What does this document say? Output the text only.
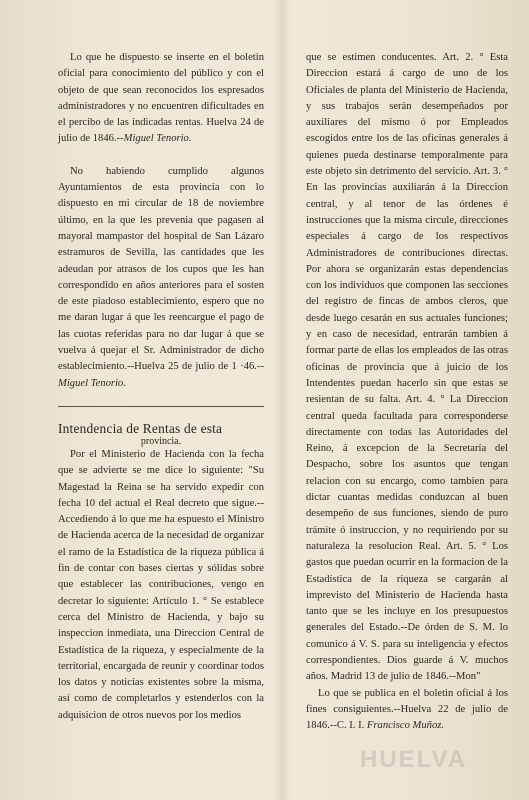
Lo que he dispuesto se inserte en el boletin oficial para conocimiento del público y con el objeto de que sean reconocidos los espresados administradores y no encuentren dificultades en el percibo de las indicadas rentas. Huelva 24 de julio de 1846.--Miguel Tenorio.

No habiendo cumplido algunos Ayuntamientos de esta provincia con lo dispuesto en mi circular de 18 de noviembre último, en la que les prevenia que pagasen al mayoral mampastor del hospital de San Lázaro estramuros de Sevilla, las cantidades que les adeudan por atrasos de los cupos que les han correspondido en años anteriores para el sosten de este piadoso establecimiento, espero que no me daran lugar á que les reencargue el pago de las cuotas referidas para no dar lugar á que se vuelva á quejar el Sr. Administrador de dicho establecimiento.--Huelva 25 de julio de 1 ·46.--Miguel Tenorio.

Intendencia de Rentas de esta
provincia.

Por el Ministerio de Hacienda con la fecha que se advierte se me dice lo siguiente: "Su Magestad la Reina se ha servido expedir con fecha 10 del actual el Real decreto que sigue.--Accediendo á lo que me ha espuesto el Ministro de Hacienda acerca de la necesidad de organizar el ramo de la Estadística de la riqueza pública á fin de contar con bases ciertas y sólidas sobre que establecer las contribuciones, vengo en decretar lo siguiente: Artículo 1. ° Se establece cerca del Ministro de Hacienda, y bajo su inspeccion inmediata, una Direccion Central de Estadística de la riqueza, y especialmente de la territorial, encargada de reunir y coordinar todos los datos y noticias existentes sobre la misma, así como de completarlos y estenderlos con la adquisicion de otros nuevos por los medios

que se estimen conducentes. Art. 2. ° Esta Direccion estará á cargo de uno de los Oficiales de planta del Ministerio de Hacienda, y sus trabajos serán desempeñados por auxiliares del mismo ó por Empleados escogidos entre los de las oficinas generales á quienes pueda destinarse temporalmente para este objeto sin detrimento del servicio. Art. 3. ° En las provincias auxiliarán á la Direccion central, y al tenor de las órdenes é instrucciones que la misma circule, direcciones especiales á cargo de los respectivos Administradores de contribuciones directas. Por ahora se organizarán estas dependencias con los individuos que componen las secciones del registro de fincas de ambos cleros, que desde luego cesarán en sus actuales funciones; y en caso de necesidad, entrarán tambien á formar parte de ellas los empleados de las otras oficinas de provincia que á juicio de los Intendentes puedan hacerlo sin que estas se resientan de su falta. Art. 4. ° La Direccion central queda facultada para corresponderse directamente con todas las Autoridades del Reino, á excepcion de la Secretaría del Despacho, sobre los asuntos que tengan relacion con su encargo, como tambien para dictar cuantas medidas conduzcan al buen desempeño de sus funciones, siendo de puro trámite ó instruccion, y no requiriendo por su naturaleza la resolucion Real. Art. 5. ° Los gastos que puedan ocurrir en la formacion de la Estadística de la riqueza se cargarán al imprevisto del Ministerio de Hacienda hasta tanto que se les incluye en los presupuestos generales del Estado.--De órden de S. M. lo comunico á V. S. para su inteligencia y efectos correspondientes. Dios guarde á V. muchos años. Madrid 13 de julio de 1846.--Mon"

Lo que se publica en el boletin oficial á los fines consiguientes.--Huelva 22 de julio de 1846.--C. I. I. Francisco Muñoz.

HUELVA
